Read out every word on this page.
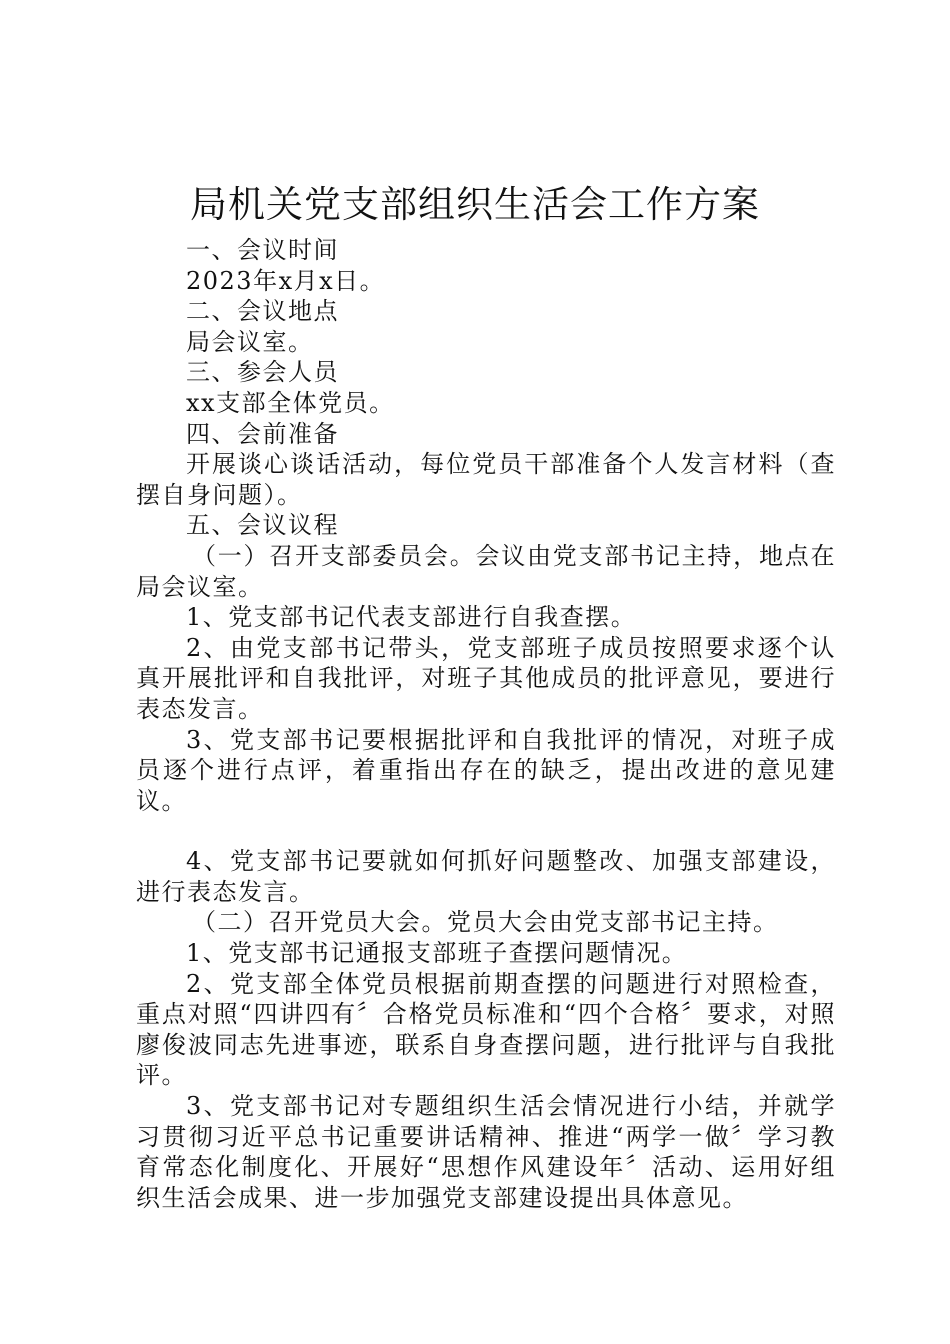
局机关党支部组织生活会工作方案

一、会议时间

2023年x月x日。

二、会议地点

局会议室。

三、参会人员

xx支部全体党员。

四、会前准备

开展谈心谈话活动，每位党员干部准备个人发言材料（查摆自身问题）。

五、会议议程

（一）召开支部委员会。会议由党支部书记主持，地点在局会议室。

1、党支部书记代表支部进行自我查摆。

2、由党支部书记带头，党支部班子成员按照要求逐个认真开展批评和自我批评，对班子其他成员的批评意见，要进行表态发言。

3、党支部书记要根据批评和自我批评的情况，对班子成员逐个进行点评，着重指出存在的缺乏，提出改进的意见建议。

4、党支部书记要就如何抓好问题整改、加强支部建设，进行表态发言。

（二）召开党员大会。党员大会由党支部书记主持。

1、党支部书记通报支部班子查摆问题情况。

2、党支部全体党员根据前期查摆的问题进行对照检查，重点对照“四讲四有〞合格党员标准和“四个合格〞要求，对照廖俊波同志先进事迹，联系自身查摆问题，进行批评与自我批评。

3、党支部书记对专题组织生活会情况进行小结，并就学习贯彻习近平总书记重要讲话精神、推进“两学一做〞学习教育常态化制度化、开展好“思想作风建设年〞活动、运用好组织生活会成果、进一步加强党支部建设提出具体意见。
